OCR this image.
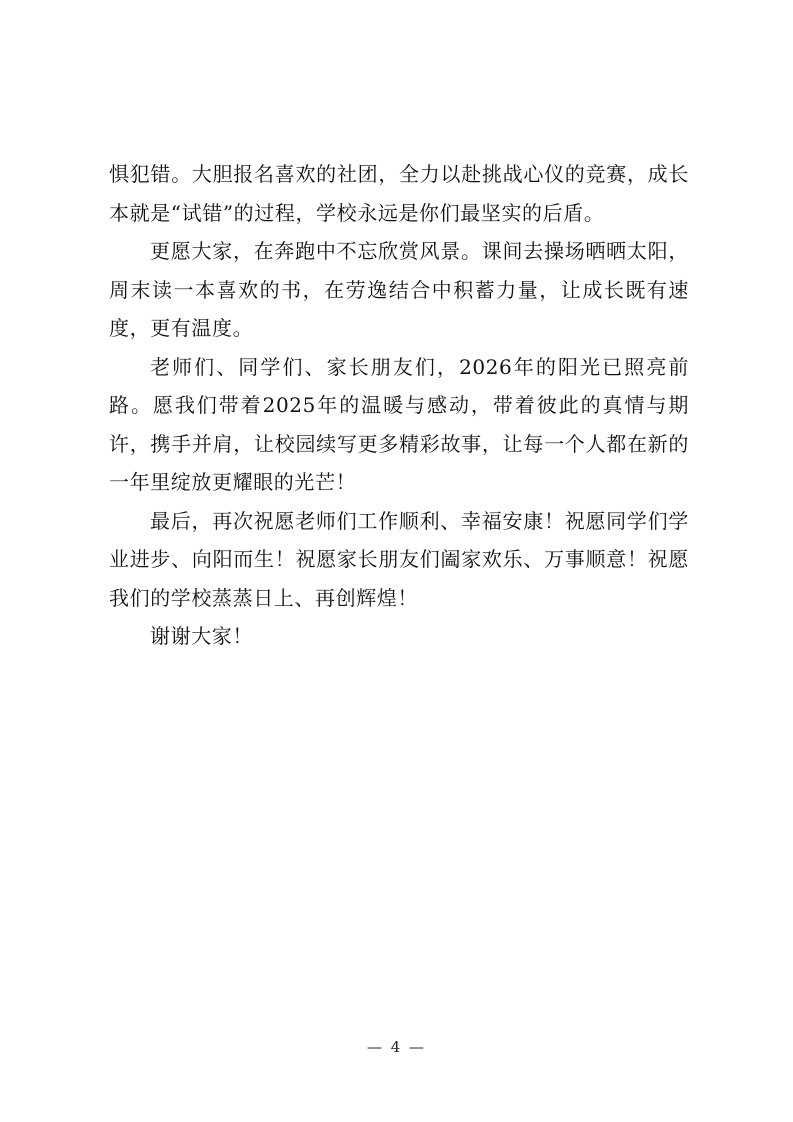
惧犯错。大胆报名喜欢的社团，全力以赴挑战心仪的竞赛，成长本就是“试错”的过程，学校永远是你们最坚实的后盾。

更愿大家，在奔跑中不忘欣赏风景。课间去操场晒晒太阳，周末读一本喜欢的书，在劳逸结合中积蓄力量，让成长既有速度，更有温度。

老师们、同学们、家长朋友们，2026年的阳光已照亮前路。愿我们带着2025年的温暖与感动，带着彼此的真情与期许，携手并肩，让校园续写更多精彩故事，让每一个人都在新的一年里绽放更耀眼的光芒！

最后，再次祝愿老师们工作顺利、幸福安康！祝愿同学们学业进步、向阳而生！祝愿家长朋友们阖家欢乐、万事顺意！祝愿我们的学校蒸蒸日上、再创辉煌！

谢谢大家！

— 4 —
